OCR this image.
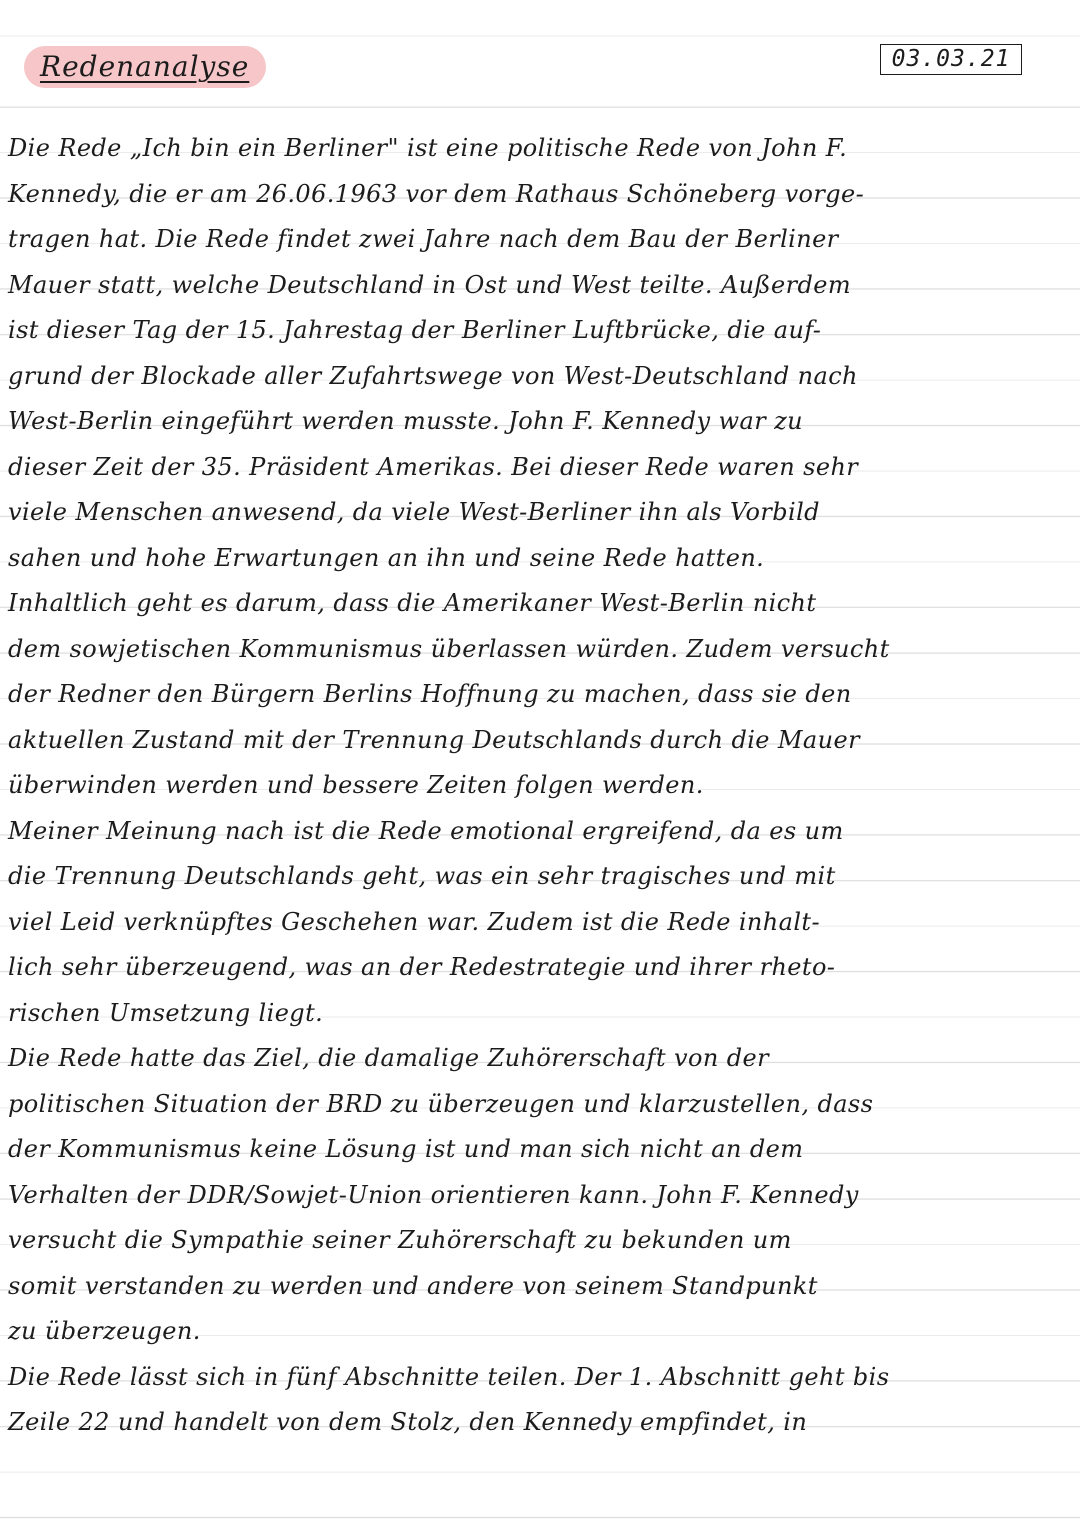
Redenanalyse	03.03.21
Die Rede „Ich bin ein Berliner" ist eine politische Rede von John F.
Kennedy, die er am 26.06.1963 vor dem Rathaus Schöneberg vorge-
tragen hat. Die Rede findet zwei Jahre nach dem Bau der Berliner
Mauer statt, welche Deutschland in Ost und West teilte. Außerdem
ist dieser Tag der 15. Jahrestag der Berliner Luftbrücke, die auf-
grund der Blockade aller Zufahrtswege von West-Deutschland nach
West-Berlin eingeführt werden musste. John F. Kennedy war zu
dieser Zeit der 35. Präsident Amerikas. Bei dieser Rede waren sehr
viele Menschen anwesend, da viele West-Berliner ihn als Vorbild
sahen und hohe Erwartungen an ihn und seine Rede hatten.
Inhaltlich geht es darum, dass die Amerikaner West-Berlin nicht
dem sowjetischen Kommunismus überlassen würden. Zudem versucht
der Redner den Bürgern Berlins Hoffnung zu machen, dass sie den
aktuellen Zustand mit der Trennung Deutschlands durch die Mauer
überwinden werden und bessere Zeiten folgen werden.
Meiner Meinung nach ist die Rede emotional ergreifend, da es um
die Trennung Deutschlands geht, was ein sehr tragisches und mit
viel Leid verknüpftes Geschehen war. Zudem ist die Rede inhalt-
lich sehr überzeugend, was an der Redestrategie und ihrer rheto-
rischen Umsetzung liegt.
Die Rede hatte das Ziel, die damalige Zuhörerschaft von der
politischen Situation der BRD zu überzeugen und klarzustellen, dass
der Kommunismus keine Lösung ist und man sich nicht an dem
Verhalten der DDR/Sowjet-Union orientieren kann. John F. Kennedy
versucht die Sympathie seiner Zuhörerschaft zu bekunden um
somit verstanden zu werden und andere von seinem Standpunkt
zu überzeugen.
Die Rede lässt sich in fünf Abschnitte teilen. Der 1. Abschnitt geht bis
Zeile 22 und handelt von dem Stolz, den Kennedy empfindet, in
